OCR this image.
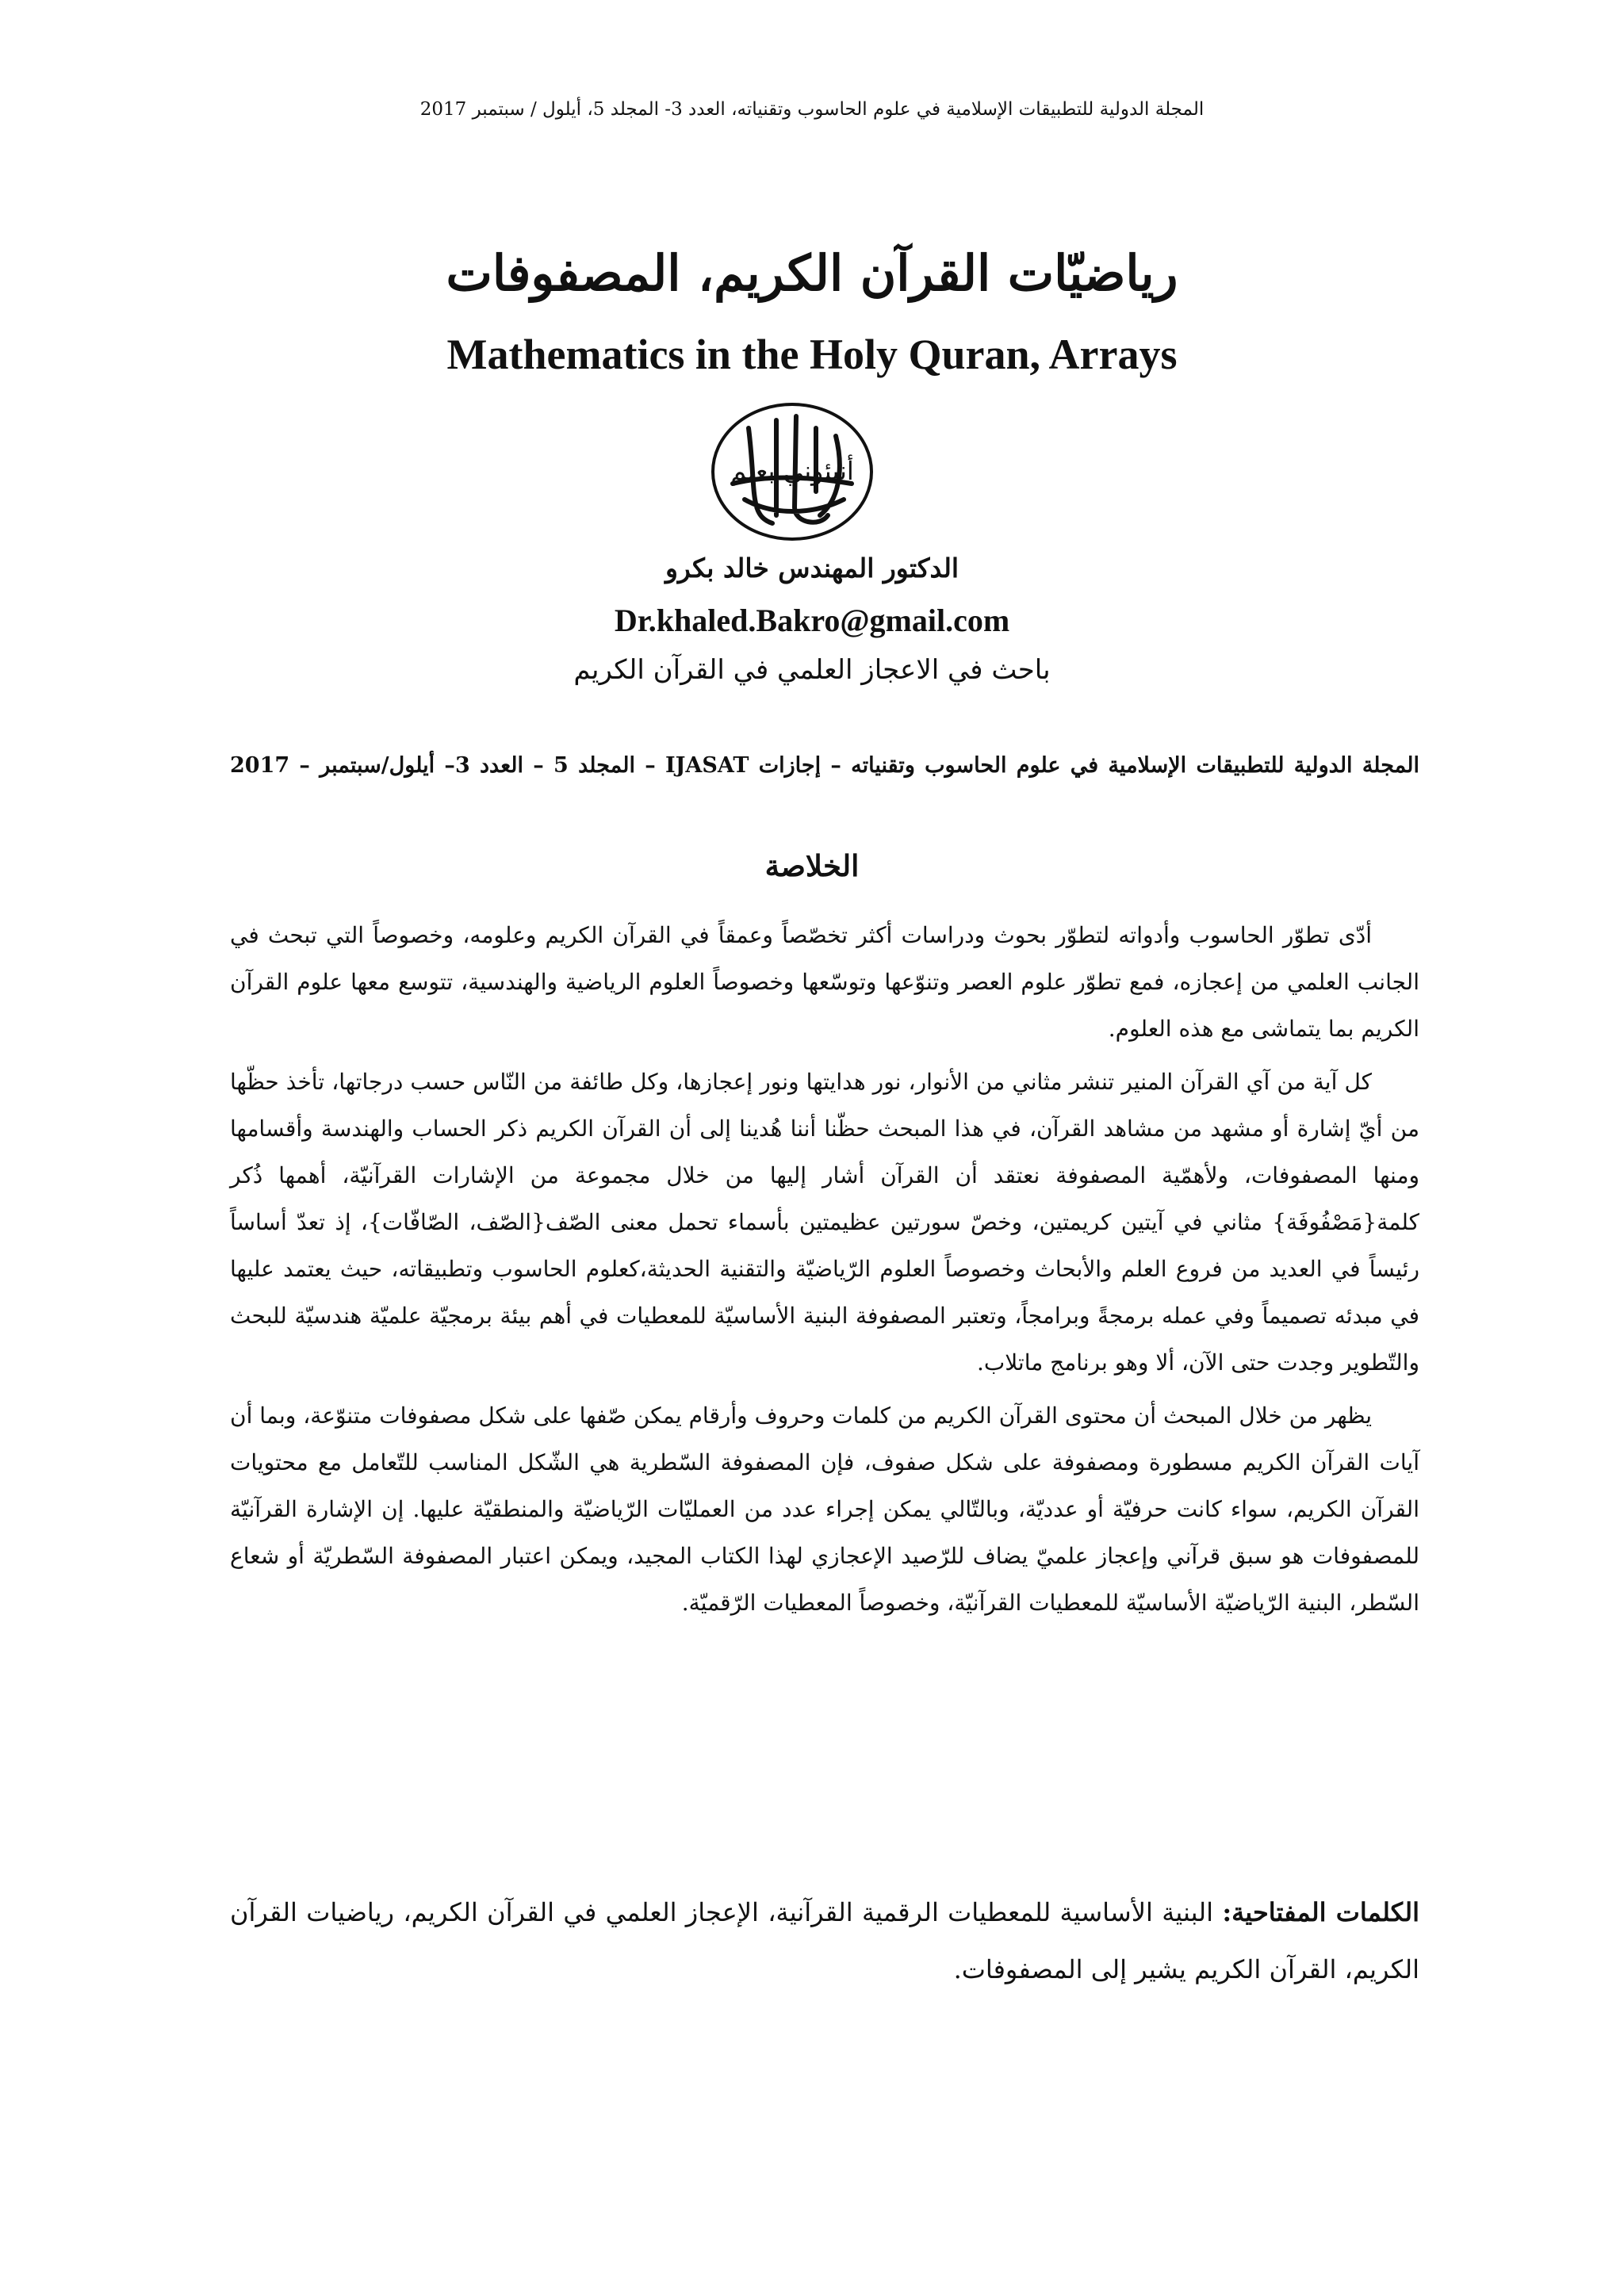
المجلة الدولية للتطبيقات الإسلامية في علوم الحاسوب وتقنياته، العدد 3- المجلد 5، أيلول / سبتمبر 2017
رياضيّات القرآن الكريم، المصفوفات
Mathematics in the Holy Quran, Arrays
أنبئوني بعلم
الدكتور المهندس خالد بكرو
Dr.khaled.Bakro@gmail.com
باحث في الاعجاز العلمي في القرآن الكريم
المجلة الدولية للتطبيقات الإسلامية في علوم الحاسوب وتقنياته – إجازات IJASAT – المجلد 5 – العدد 3– أيلول/سبتمبر – 2017
الخلاصة

أدّى تطوّر الحاسوب وأدواته لتطوّر بحوث ودراسات أكثر تخصّصاً وعمقاً في القرآن الكريم وعلومه، وخصوصاً التي تبحث في الجانب العلمي من إعجازه، فمع تطوّر علوم العصر وتنوّعها وتوسّعها وخصوصاً العلوم الرياضية والهندسية، تتوسع معها علوم القرآن الكريم بما يتماشى مع هذه العلوم.

كل آية من آي القرآن المنير تنشر مثاني من الأنوار، نور هدايتها ونور إعجازها، وكل طائفة من النّاس حسب درجاتها، تأخذ حظّها من أيّ إشارة أو مشهد من مشاهد القرآن، في هذا المبحث حظّنا أننا هُدينا إلى أن القرآن الكريم ذكر الحساب والهندسة وأقسامها ومنها المصفوفات، ولأهمّية المصفوفة نعتقد أن القرآن أشار إليها من خلال مجموعة من الإشارات القرآنيّة، أهمها ذُكر كلمة{مَصْفُوفَة} مثاني في آيتين كريمتين، وخصّ سورتين عظيمتين بأسماء تحمل معنى الصّف{الصّف، الصّافّات}، إذ تعدّ أساساً رئيساً في العديد من فروع العلم والأبحاث وخصوصاً العلوم الرّياضيّة والتقنية الحديثة،كعلوم الحاسوب وتطبيقاته، حيث يعتمد عليها في مبدئه تصميماً وفي عمله برمجةً وبرامجاً، وتعتبر المصفوفة البنية الأساسيّة للمعطيات في أهم بيئة برمجيّة علميّة هندسيّة للبحث والتّطوير وجدت حتى الآن، ألا وهو برنامج ماتلاب.

يظهر من خلال المبحث أن محتوى القرآن الكريم من كلمات وحروف وأرقام يمكن صّفها على شكل مصفوفات متنوّعة، وبما أن آيات القرآن الكريم مسطورة ومصفوفة على شكل صفوف، فإن المصفوفة السّطرية هي الشّكل المناسب للتّعامل مع محتويات القرآن الكريم، سواء كانت حرفيّة أو عدديّة، وبالتّالي يمكن إجراء عدد من العمليّات الرّياضيّة والمنطقيّة عليها. إن الإشارة القرآنيّة للمصفوفات هو سبق قرآني وإعجاز علميّ يضاف للرّصيد الإعجازي لهذا الكتاب المجيد، ويمكن اعتبار المصفوفة السّطريّة أو شعاع السّطر، البنية الرّياضيّة الأساسيّة للمعطيات القرآنيّة، وخصوصاً المعطيات الرّقميّة.

الكلمات المفتاحية: البنية الأساسية للمعطيات الرقمية القرآنية، الإعجاز العلمي في القرآن الكريم، رياضيات القرآن الكريم، القرآن الكريم يشير إلى المصفوفات.
